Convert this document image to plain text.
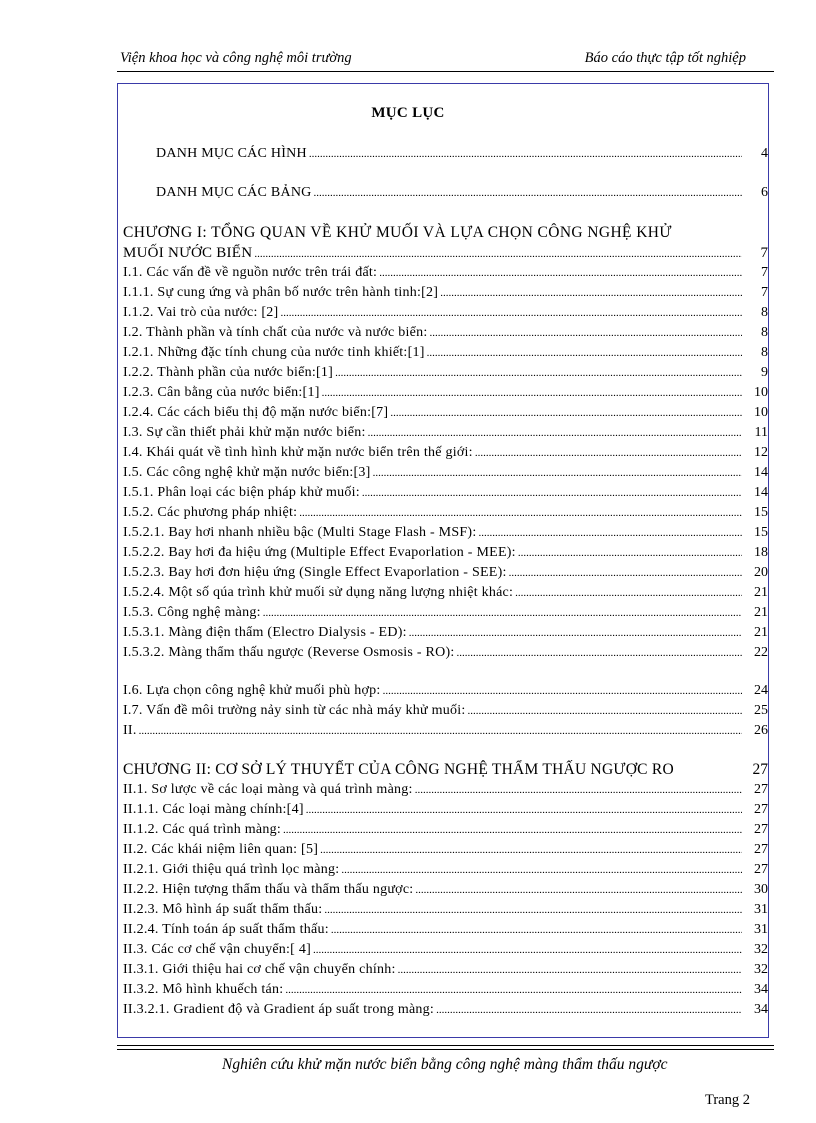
Viện khoa học và công nghệ môi trường	Báo cáo thực tập tốt nghiệp
MỤC LỤC
DANH MỤC CÁC HÌNH .....	4
DANH MỤC CÁC BẢNG .....	6
CHƯƠNG I: TỔNG QUAN VỀ KHỬ MUỐI VÀ LỰA CHỌN CÔNG NGHỆ KHỬ
MUỐI NƯỚC BIỂN .....	7
I.1. Các vấn đề về nguồn nước trên trái đất: .....	7
I.1.1. Sự cung ứng và phân bố nước trên hành tinh:[2] .....	7
I.1.2. Vai trò của nước: [2] .....	8
I.2. Thành phần và tính chất của nước và nước biển: .....	8
I.2.1. Những đặc tính chung của nước tinh khiết:[1] .....	8
I.2.2. Thành phần của nước biển:[1] .....	9
I.2.3. Cân bằng của nước biển:[1] .....	10
I.2.4. Các cách biểu thị độ mặn nước biển:[7] .....	10
I.3. Sự cần thiết phải khử mặn nước biển: .....	11
I.4. Khái quát về tình hình khử mặn nước biển trên thế giới: .....	12
I.5. Các công nghệ khử mặn nước biển:[3] .....	14
I.5.1. Phân loại các biện pháp khử muối: .....	14
I.5.2. Các phương pháp nhiệt: .....	15
I.5.2.1. Bay hơi nhanh nhiều bậc (Multi Stage Flash - MSF): .....	15
I.5.2.2. Bay hơi đa hiệu ứng (Multiple Effect Evaporlation - MEE): .....	18
I.5.2.3. Bay hơi đơn hiệu ứng (Single Effect Evaporlation - SEE): .....	20
I.5.2.4. Một số qúa trình khử muối sử dụng năng lượng nhiệt khác: .....	21
I.5.3. Công nghệ màng: .....	21
I.5.3.1. Màng điện thẩm (Electro Dialysis - ED): .....	21
I.5.3.2. Màng thẩm thấu ngược (Reverse Osmosis - RO): .....	22
I.6. Lựa chọn công nghệ khử muối phù hợp: .....	24
I.7. Vấn đề môi trường nảy sinh từ các nhà máy khử muối: .....	25
II. .....	26
CHƯƠNG II: CƠ SỞ LÝ THUYẾT CỦA CÔNG NGHỆ THẨM THẤU NGƯỢC RO	27
II.1. Sơ lược về các loại màng và quá trình màng: .....	27
II.1.1. Các loại màng chính:[4] .....	27
II.1.2. Các quá trình màng: .....	27
II.2. Các khái niệm liên quan: [5] .....	27
II.2.1. Giới thiệu quá trình lọc màng: .....	27
II.2.2. Hiện tượng thẩm thấu và thẩm thấu ngược: .....	30
II.2.3. Mô hình áp suất thẩm thấu: .....	31
II.2.4. Tính toán áp suất thẩm thấu: .....	31
II.3. Các cơ chế vận chuyển:[ 4] .....	32
II.3.1. Giới thiệu hai cơ chế vận chuyển chính: .....	32
II.3.2. Mô hình khuếch tán: .....	34
II.3.2.1. Gradient độ và Gradient áp suất trong màng: .....	34
Nghiên cứu khử mặn nước biển bằng công nghệ màng thẩm thấu ngược
Trang 2
